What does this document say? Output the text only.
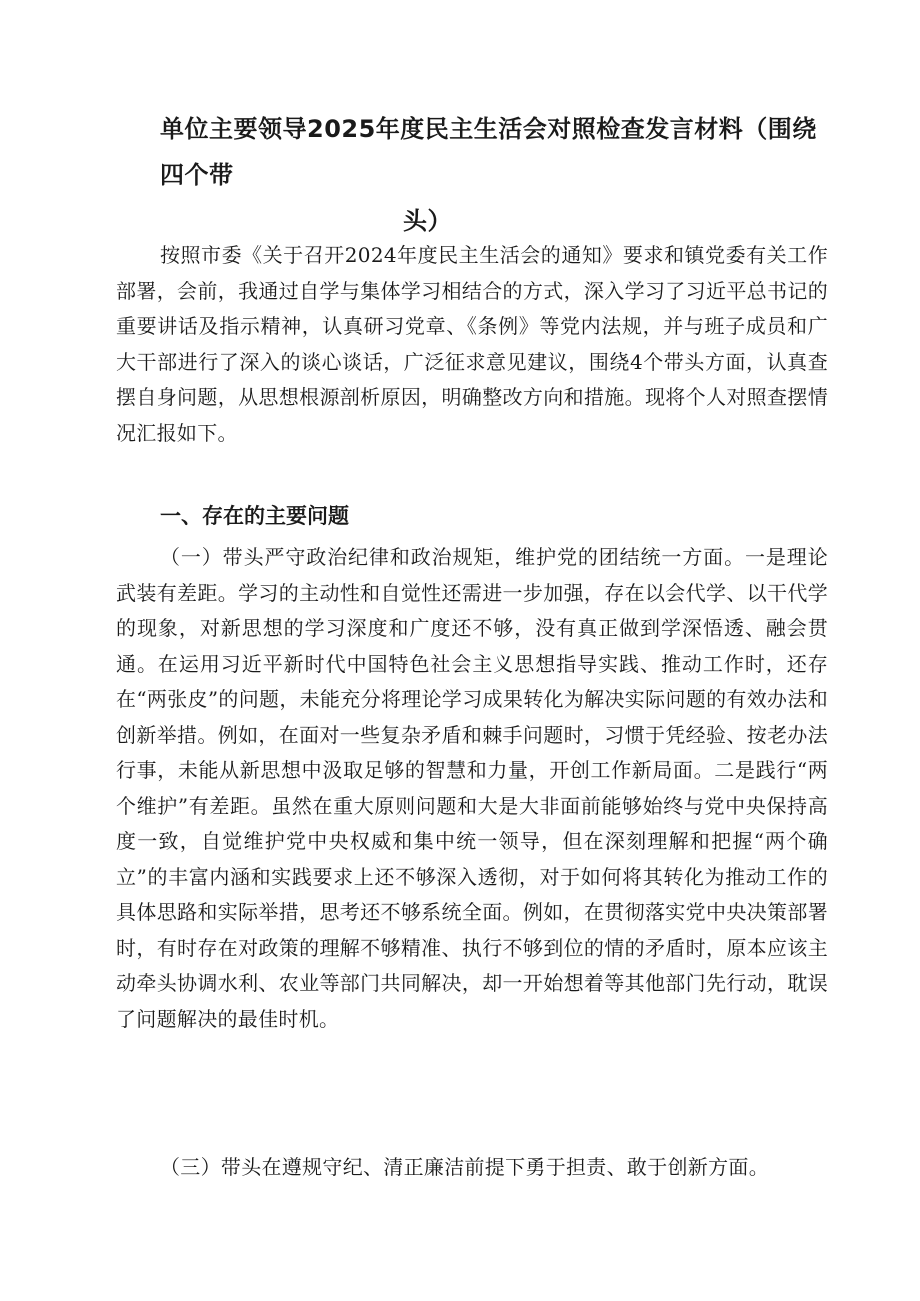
单位主要领导2025年度民主生活会对照检查发言材料（围绕四个带
头）

按照市委《关于召开2024年度民主生活会的通知》要求和镇党委有关工作部署，会前，我通过自学与集体学习相结合的方式，深入学习了习近平总书记的重要讲话及指示精神，认真研习党章、《条例》等党内法规，并与班子成员和广大干部进行了深入的谈心谈话，广泛征求意见建议，围绕4个带头方面，认真查摆自身问题，从思想根源剖析原因，明确整改方向和措施。现将个人对照查摆情况汇报如下。

一、存在的主要问题

（一）带头严守政治纪律和政治规矩，维护党的团结统一方面。一是理论武装有差距。学习的主动性和自觉性还需进一步加强，存在以会代学、以干代学的现象，对新思想的学习深度和广度还不够，没有真正做到学深悟透、融会贯通。在运用习近平新时代中国特色社会主义思想指导实践、推动工作时，还存在“两张皮”的问题，未能充分将理论学习成果转化为解决实际问题的有效办法和创新举措。例如，在面对一些复杂矛盾和棘手问题时，习惯于凭经验、按老办法行事，未能从新思想中汲取足够的智慧和力量，开创工作新局面。二是践行“两个维护”有差距。虽然在重大原则问题和大是大非面前能够始终与党中央保持高度一致，自觉维护党中央权威和集中统一领导，但在深刻理解和把握“两个确立”的丰富内涵和实践要求上还不够深入透彻，对于如何将其转化为推动工作的具体思路和实际举措，思考还不够系统全面。例如，在贯彻落实党中央决策部署时，有时存在对政策的理解不够精准、执行不够到位的情的矛盾时，原本应该主动牵头协调水利、农业等部门共同解决，却一开始想着等其他部门先行动，耽误了问题解决的最佳时机。

（三）带头在遵规守纪、清正廉洁前提下勇于担责、敢于创新方面。
